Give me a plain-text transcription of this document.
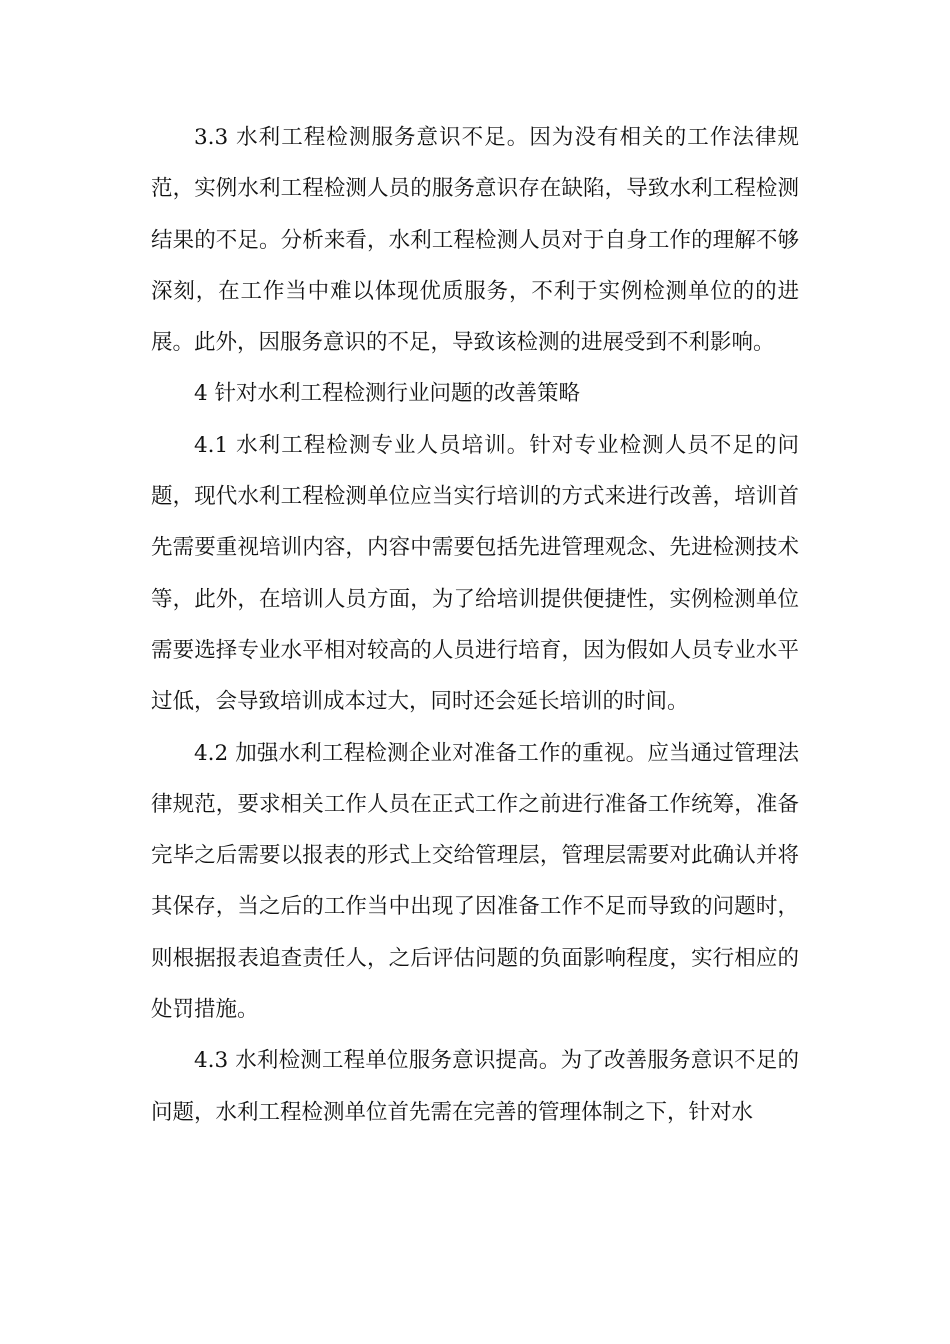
3.3 水利工程检测服务意识不足。因为没有相关的工作法律规范，实例水利工程检测人员的服务意识存在缺陷，导致水利工程检测结果的不足。分析来看，水利工程检测人员对于自身工作的理解不够深刻，在工作当中难以体现优质服务，不利于实例检测单位的的进展。此外，因服务意识的不足，导致该检测的进展受到不利影响。

4 针对水利工程检测行业问题的改善策略

4.1 水利工程检测专业人员培训。针对专业检测人员不足的问题，现代水利工程检测单位应当实行培训的方式来进行改善，培训首先需要重视培训内容，内容中需要包括先进管理观念、先进检测技术等，此外，在培训人员方面，为了给培训提供便捷性，实例检测单位需要选择专业水平相对较高的人员进行培育，因为假如人员专业水平过低，会导致培训成本过大，同时还会延长培训的时间。

4.2 加强水利工程检测企业对准备工作的重视。应当通过管理法律规范，要求相关工作人员在正式工作之前进行准备工作统筹，准备完毕之后需要以报表的形式上交给管理层，管理层需要对此确认并将其保存，当之后的工作当中出现了因准备工作不足而导致的问题时，则根据报表追查责任人，之后评估问题的负面影响程度，实行相应的处罚措施。

4.3 水利检测工程单位服务意识提高。为了改善服务意识不足的问题，水利工程检测单位首先需在完善的管理体制之下，针对水
